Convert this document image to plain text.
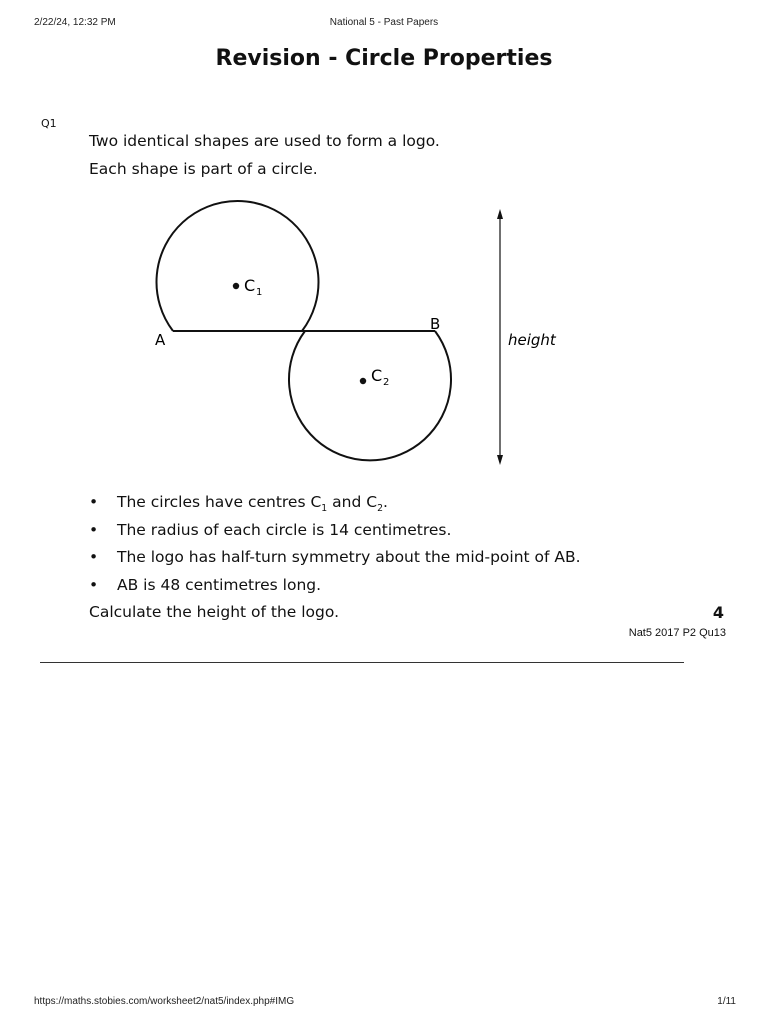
2/22/24, 12:32 PM	National 5 - Past Papers
Revision - Circle Properties
Q1
Two identical shapes are used to form a logo.
Each shape is part of a circle.
A
B
C 1
C 2
height
• The circles have centres $C_1$ and $C_2$.
• The radius of each circle is 14 centimetres.
• The logo has half-turn symmetry about the mid-point of AB.
• AB is 48 centimetres long.
Calculate the height of the logo.	4
Nat5 2017 P2 Qu13
https://maths.stobies.com/worksheet2/nat5/index.php#IMG	1/11
